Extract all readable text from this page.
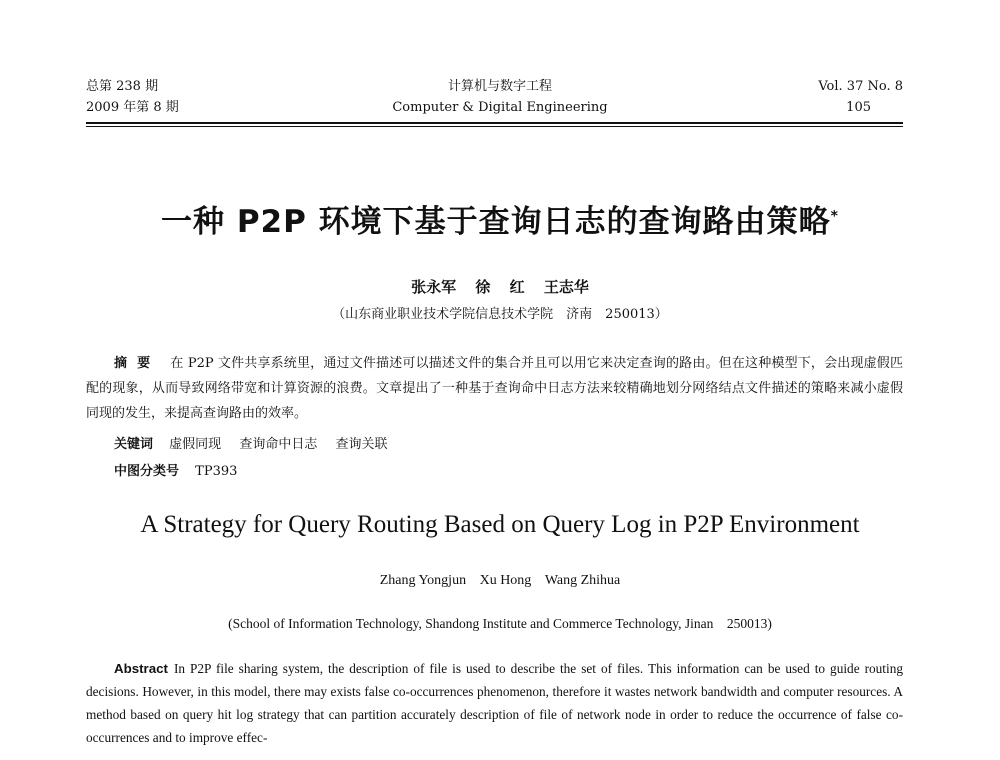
总第 238 期
2009 年第 8 期
计算机与数字工程
Computer & Digital Engineering
Vol. 37 No. 8
105
一种 P2P 环境下基于查询日志的查询路由策略*
张永军 徐 红 王志华
（山东商业职业技术学院信息技术学院　济南　250013）
摘要 在 P2P 文件共享系统里，通过文件描述可以描述文件的集合并且可以用它来决定查询的路由。但在这种模型下，会出现虚假匹配的现象，从而导致网络带宽和计算资源的浪费。文章提出了一种基于查询命中日志方法来较精确地划分网络结点文件描述的策略来减小虚假同现的发生，来提高查询路由的效率。
关键词 虚假同现 查询命中日志 查询关联
中图分类号 TP393
A Strategy for Query Routing Based on Query Log in P2P Environment
Zhang Yongjun Xu Hong Wang Zhihua
(School of Information Technology, Shandong Institute and Commerce Technology, Jinan　250013)
Abstract In P2P file sharing system, the description of file is used to describe the set of files. This information can be used to guide routing decisions. However, in this model, there may exists false co-occurrences phenomenon, therefore it wastes network bandwidth and computer resources. A method based on query hit log strategy that can partition accurately description of file of network node in order to reduce the occurrence of false co-occurrences and to improve effec-
